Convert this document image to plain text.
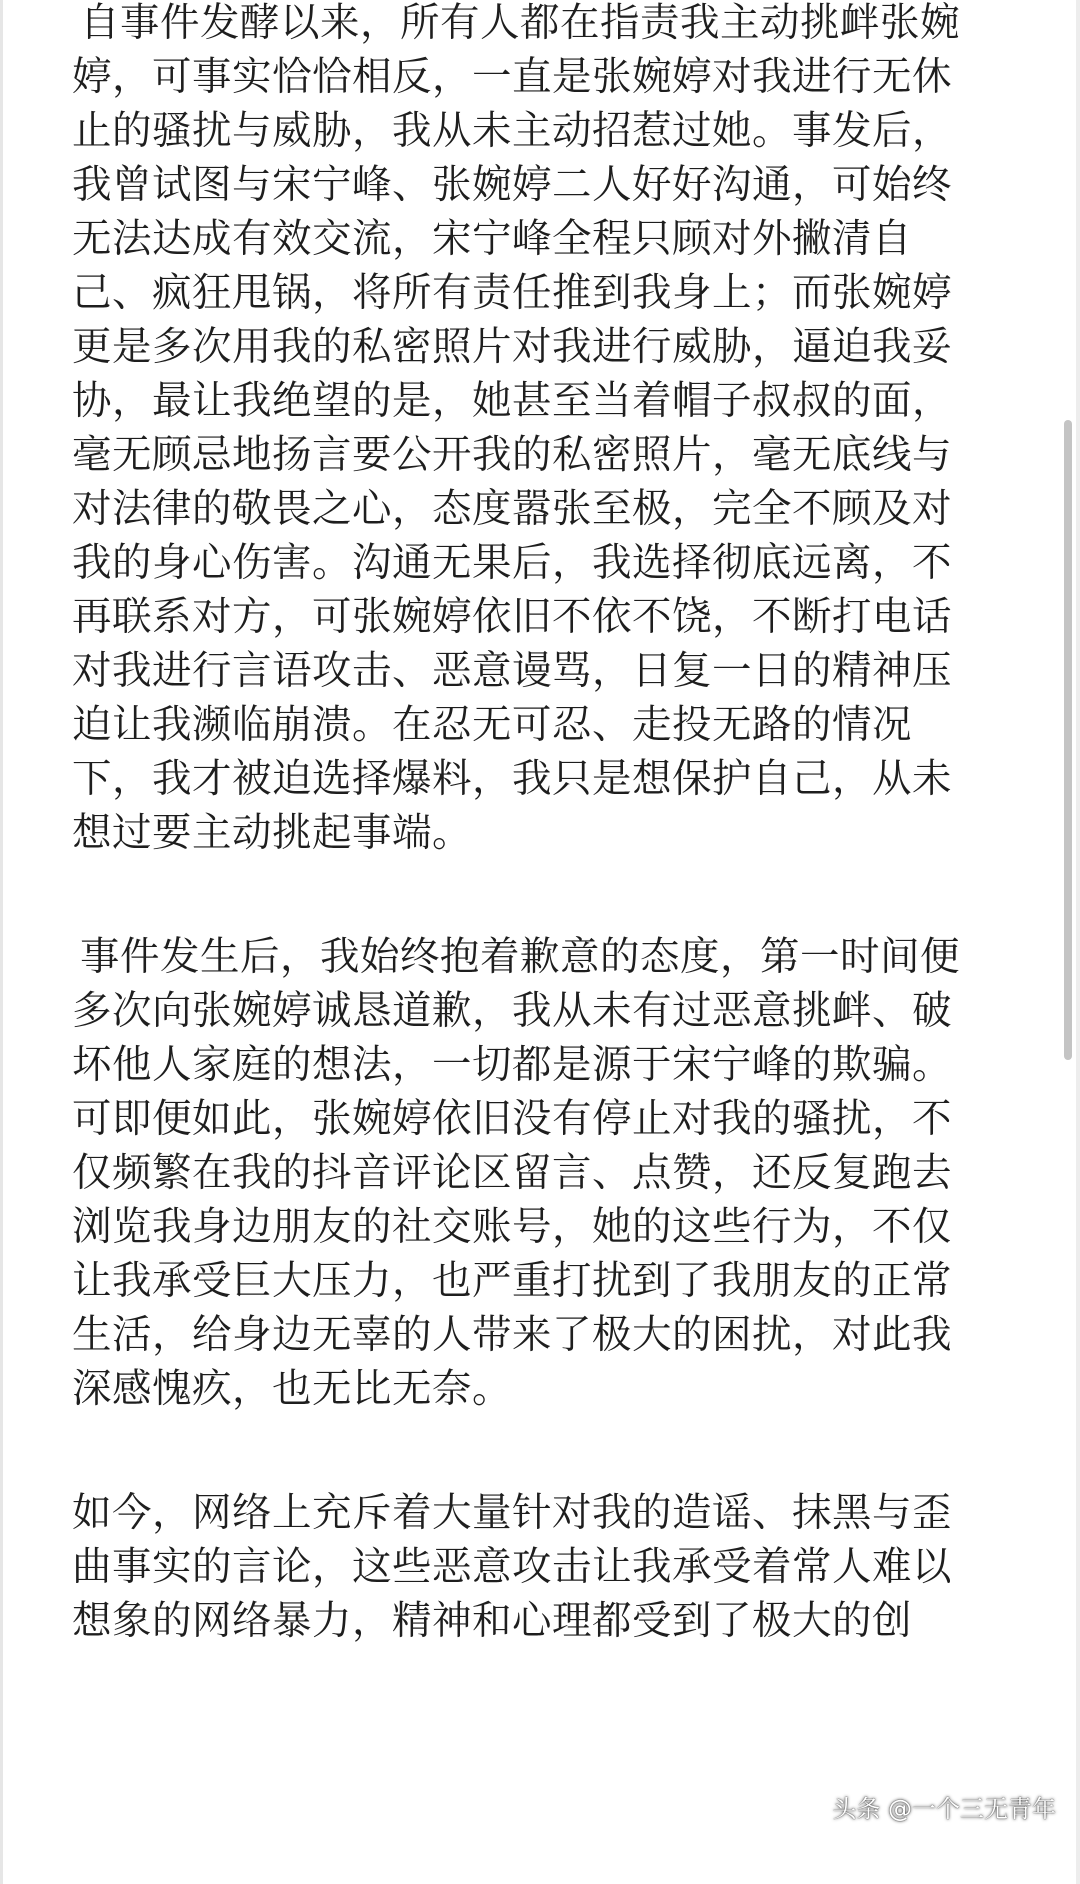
自事件发酵以来，所有人都在指责我主动挑衅张婉

婷，可事实恰恰相反，一直是张婉婷对我进行无休

止的骚扰与威胁，我从未主动招惹过她。事发后，

我曾试图与宋宁峰、张婉婷二人好好沟通，可始终

无法达成有效交流，宋宁峰全程只顾对外撇清自

己、疯狂甩锅，将所有责任推到我身上；而张婉婷

更是多次用我的私密照片对我进行威胁，逼迫我妥

协，最让我绝望的是，她甚至当着帽子叔叔的面，

毫无顾忌地扬言要公开我的私密照片，毫无底线与

对法律的敬畏之心，态度嚣张至极，完全不顾及对

我的身心伤害。沟通无果后，我选择彻底远离，不

再联系对方，可张婉婷依旧不依不饶，不断打电话

对我进行言语攻击、恶意谩骂，日复一日的精神压

迫让我濒临崩溃。在忍无可忍、走投无路的情况

下，我才被迫选择爆料，我只是想保护自己，从未

想过要主动挑起事端。

事件发生后，我始终抱着歉意的态度，第一时间便

多次向张婉婷诚恳道歉，我从未有过恶意挑衅、破

坏他人家庭的想法，一切都是源于宋宁峰的欺骗。

可即便如此，张婉婷依旧没有停止对我的骚扰，不

仅频繁在我的抖音评论区留言、点赞，还反复跑去

浏览我身边朋友的社交账号，她的这些行为，不仅

让我承受巨大压力，也严重打扰到了我朋友的正常

生活，给身边无辜的人带来了极大的困扰，对此我

深感愧疚，也无比无奈。

如今，网络上充斥着大量针对我的造谣、抹黑与歪

曲事实的言论，这些恶意攻击让我承受着常人难以

想象的网络暴力，精神和心理都受到了极大的创

头条 @一个三无青年
